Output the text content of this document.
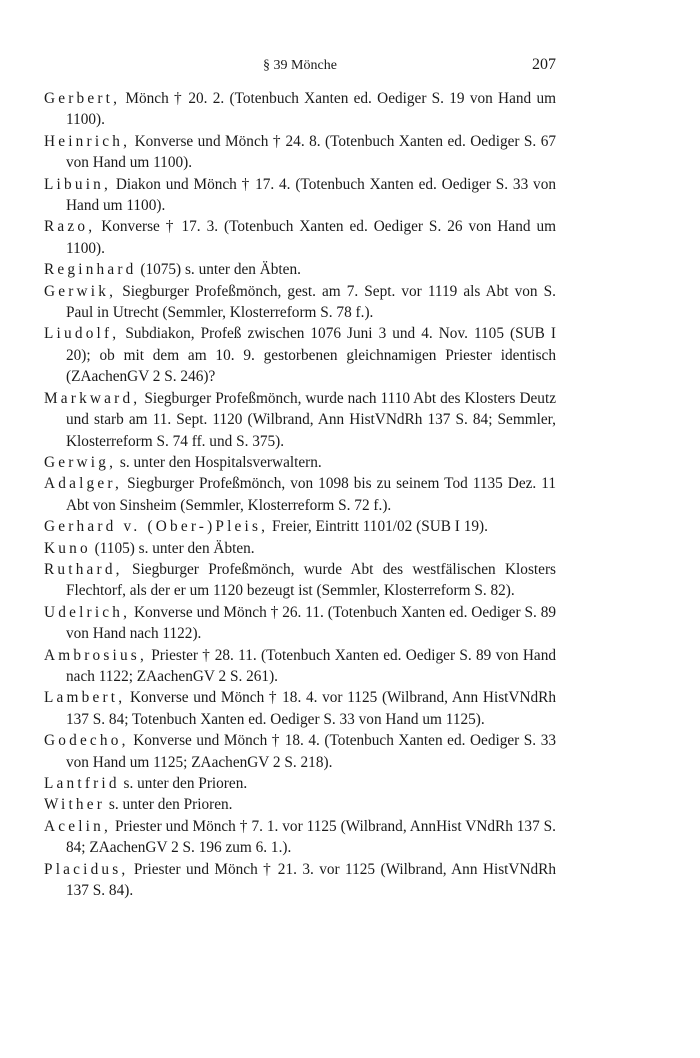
§ 39 Mönche	207
Gerbert, Mönch † 20. 2. (Totenbuch Xanten ed. Oediger S. 19 von Hand um 1100).
Heinrich, Konverse und Mönch † 24. 8. (Totenbuch Xanten ed. Oediger S. 67 von Hand um 1100).
Libuin, Diakon und Mönch † 17. 4. (Totenbuch Xanten ed. Oediger S. 33 von Hand um 1100).
Razo, Konverse † 17. 3. (Totenbuch Xanten ed. Oediger S. 26 von Hand um 1100).
Reginhard (1075) s. unter den Äbten.
Gerwik, Siegburger Profeßmönch, gest. am 7. Sept. vor 1119 als Abt von S. Paul in Utrecht (Semmler, Klosterreform S. 78 f.).
Liudolf, Subdiakon, Profeß zwischen 1076 Juni 3 und 4. Nov. 1105 (SUB I 20); ob mit dem am 10. 9. gestorbenen gleichnamigen Priester identisch (ZAachenGV 2 S. 246)?
Markward, Siegburger Profeßmönch, wurde nach 1110 Abt des Klosters Deutz und starb am 11. Sept. 1120 (Wilbrand, Ann HistVNdRh 137 S. 84; Semmler, Klosterreform S. 74 ff. und S. 375).
Gerwig, s. unter den Hospitalsverwaltern.
Adalger, Siegburger Profeßmönch, von 1098 bis zu seinem Tod 1135 Dez. 11 Abt von Sinsheim (Semmler, Klosterreform S. 72 f.).
Gerhard v. (Ober-)Pleis, Freier, Eintritt 1101/02 (SUB I 19).
Kuno (1105) s. unter den Äbten.
Ruthard, Siegburger Profeßmönch, wurde Abt des westfälischen Klosters Flechtorf, als der er um 1120 bezeugt ist (Semmler, Klosterreform S. 82).
Udelrich, Konverse und Mönch † 26. 11. (Totenbuch Xanten ed. Oediger S. 89 von Hand nach 1122).
Ambrosius, Priester † 28. 11. (Totenbuch Xanten ed. Oediger S. 89 von Hand nach 1122; ZAachenGV 2 S. 261).
Lambert, Konverse und Mönch † 18. 4. vor 1125 (Wilbrand, Ann HistVNdRh 137 S. 84; Totenbuch Xanten ed. Oediger S. 33 von Hand um 1125).
Godecho, Konverse und Mönch † 18. 4. (Totenbuch Xanten ed. Oediger S. 33 von Hand um 1125; ZAachenGV 2 S. 218).
Lantfrid s. unter den Prioren.
Wither s. unter den Prioren.
Acelin, Priester und Mönch † 7. 1. vor 1125 (Wilbrand, AnnHist VNdRh 137 S. 84; ZAachenGV 2 S. 196 zum 6. 1.).
Placidus, Priester und Mönch † 21. 3. vor 1125 (Wilbrand, Ann HistVNdRh 137 S. 84).
